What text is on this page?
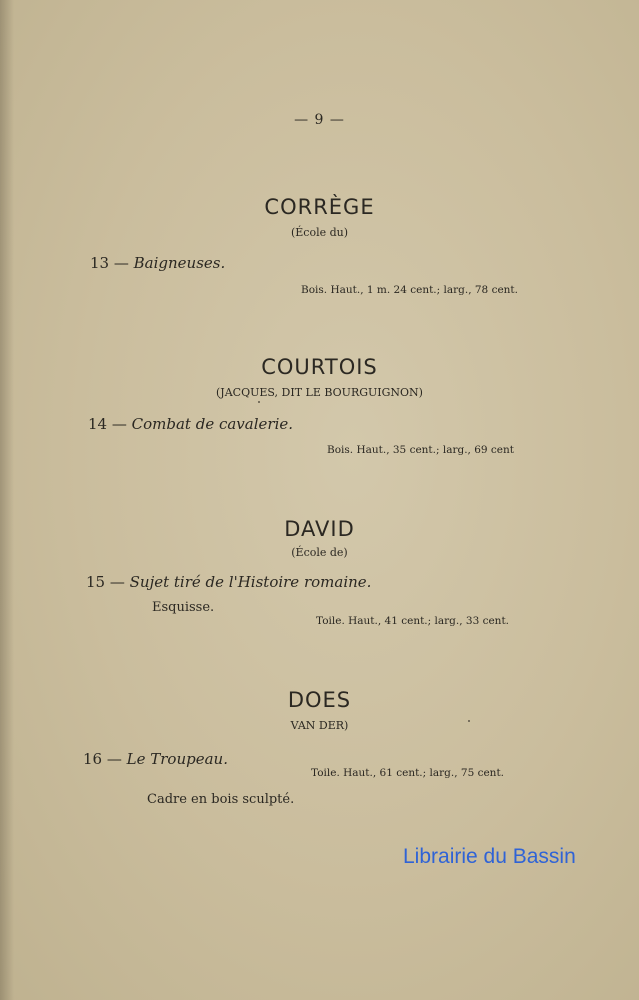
— 9 —
CORRÈGE
(École du)
13 — Baigneuses.
Bois. Haut., 1 m. 24 cent.; larg., 78 cent.
COURTOIS
(JACQUES, DIT LE BOURGUIGNON)
14 — Combat de cavalerie.
Bois. Haut., 35 cent.; larg., 69 cent
DAVID
(École de)
15 — Sujet tiré de l'Histoire romaine.
Esquisse.
Toile. Haut., 41 cent.; larg., 33 cent.
DOES
VAN DER)
16 — Le Troupeau.
Toile. Haut., 61 cent.; larg., 75 cent.
Cadre en bois sculpté.
Librairie du Bassin
